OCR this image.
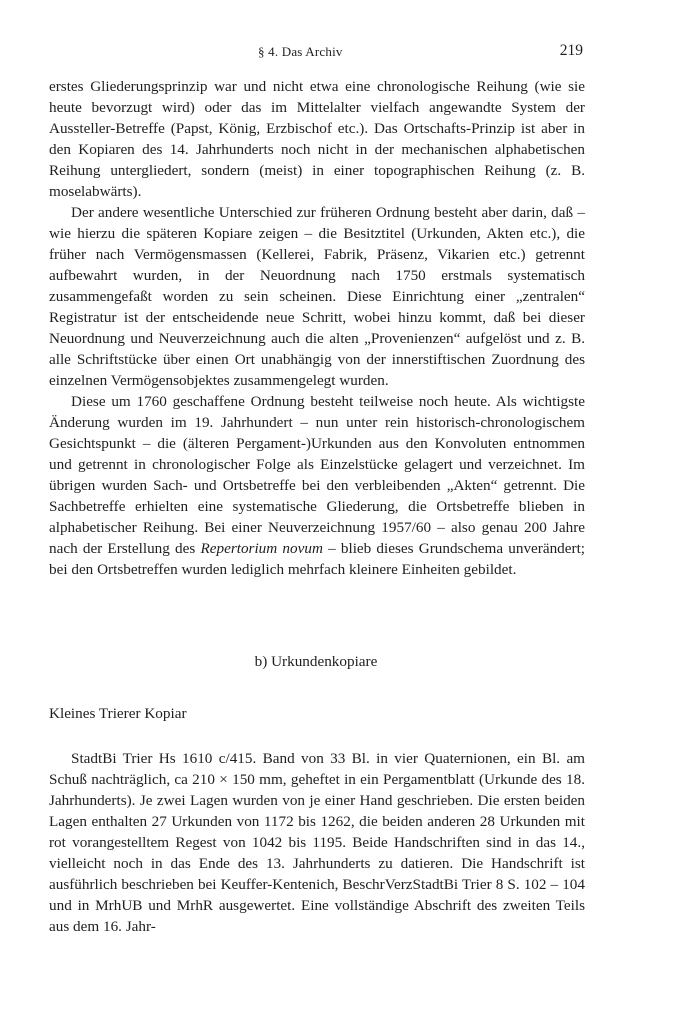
§ 4. Das Archiv	219

erstes Gliederungsprinzip war und nicht etwa eine chronologische Reihung (wie sie heute bevorzugt wird) oder das im Mittelalter vielfach angewandte System der Aussteller-Betreffe (Papst, König, Erzbischof etc.). Das Ortschafts-Prinzip ist aber in den Kopiaren des 14. Jahrhunderts noch nicht in der mechanischen alphabetischen Reihung untergliedert, sondern (meist) in einer topographischen Reihung (z. B. moselabwärts).

Der andere wesentliche Unterschied zur früheren Ordnung besteht aber darin, daß – wie hierzu die späteren Kopiare zeigen – die Besitztitel (Urkunden, Akten etc.), die früher nach Vermögensmassen (Kellerei, Fabrik, Präsenz, Vikarien etc.) getrennt aufbewahrt wurden, in der Neuordnung nach 1750 erstmals systematisch zusammengefaßt worden zu sein scheinen. Diese Einrichtung einer „zentralen“ Registratur ist der entscheidende neue Schritt, wobei hinzu kommt, daß bei dieser Neuordnung und Neuverzeichnung auch die alten „Provenienzen“ aufgelöst und z. B. alle Schriftstücke über einen Ort unabhängig von der innerstiftischen Zuordnung des einzelnen Vermögensobjektes zusammengelegt wurden.

Diese um 1760 geschaffene Ordnung besteht teilweise noch heute. Als wichtigste Änderung wurden im 19. Jahrhundert – nun unter rein historisch-chronologischem Gesichtspunkt – die (älteren Pergament-)Urkunden aus den Konvoluten entnommen und getrennt in chronologischer Folge als Einzelstücke gelagert und verzeichnet. Im übrigen wurden Sach- und Ortsbetreffe bei den verbleibenden „Akten“ getrennt. Die Sachbetreffe erhielten eine systematische Gliederung, die Ortsbetreffe blieben in alphabetischer Reihung. Bei einer Neuverzeichnung 1957/60 – also genau 200 Jahre nach der Erstellung des Repertorium novum – blieb dieses Grundschema unverändert; bei den Ortsbetreffen wurden lediglich mehrfach kleinere Einheiten gebildet.

b) Urkundenkopiare
Kleines Trierer Kopiar

StadtBi Trier Hs 1610 c/415. Band von 33 Bl. in vier Quaternionen, ein Bl. am Schuß nachträglich, ca 210 × 150 mm, geheftet in ein Pergamentblatt (Urkunde des 18. Jahrhunderts). Je zwei Lagen wurden von je einer Hand geschrieben. Die ersten beiden Lagen enthalten 27 Urkunden von 1172 bis 1262, die beiden anderen 28 Urkunden mit rot vorangestelltem Regest von 1042 bis 1195. Beide Handschriften sind in das 14., vielleicht noch in das Ende des 13. Jahrhunderts zu datieren. Die Handschrift ist ausführlich beschrieben bei Keuffer-Kentenich, BeschrVerzStadtBi Trier 8 S. 102 – 104 und in MrhUB und MrhR ausgewertet. Eine vollständige Abschrift des zweiten Teils aus dem 16. Jahr-
